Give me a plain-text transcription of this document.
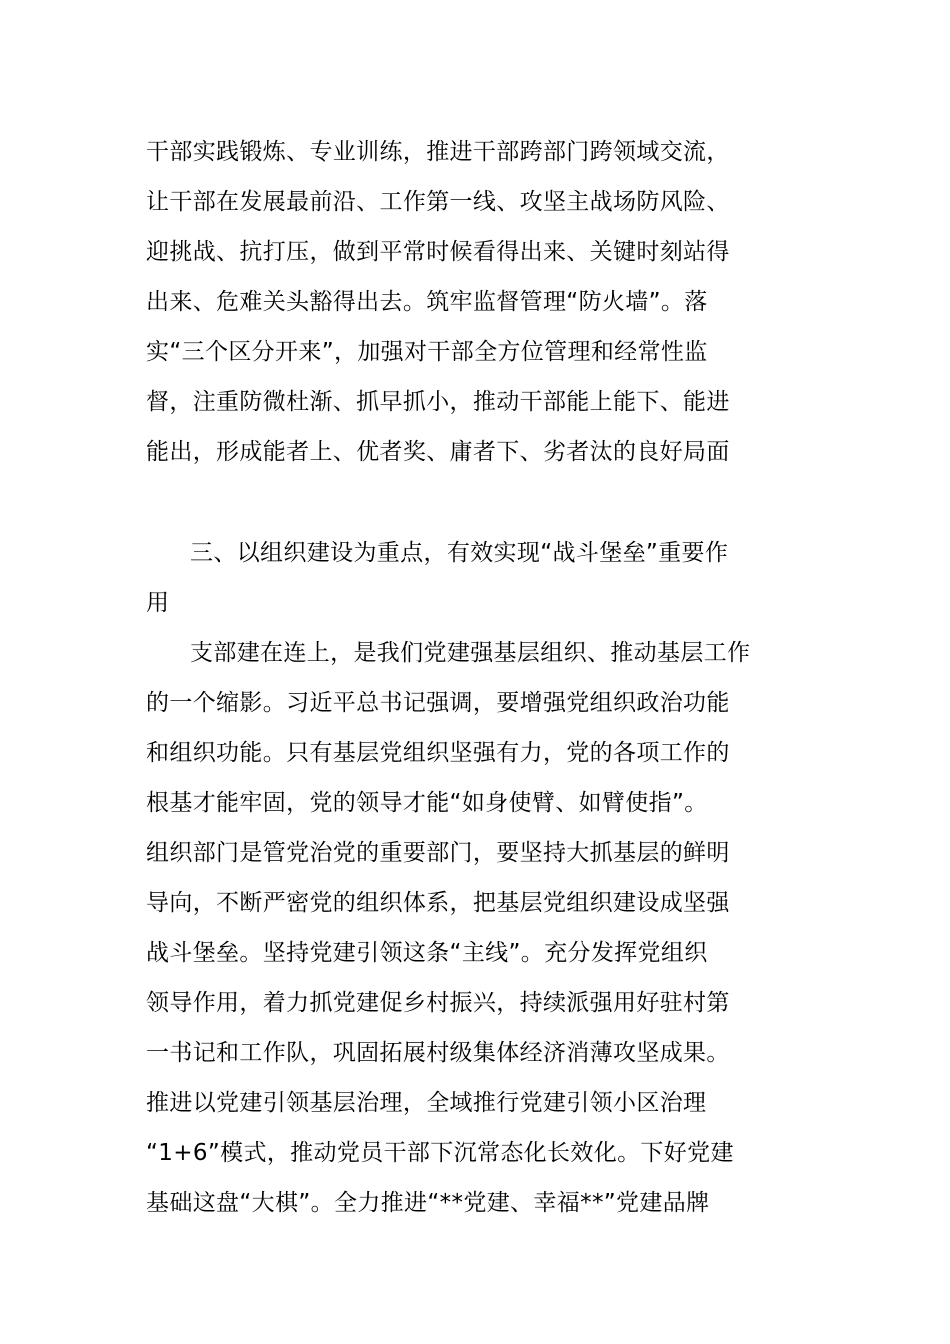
干部实践锻炼、专业训练，推进干部跨部门跨领域交流，
让干部在发展最前沿、工作第一线、攻坚主战场防风险、
迎挑战、抗打压，做到平常时候看得出来、关键时刻站得
出来、危难关头豁得出去。筑牢监督管理“防火墙”。落
实“三个区分开来”，加强对干部全方位管理和经常性监
督，注重防微杜渐、抓早抓小，推动干部能上能下、能进
能出，形成能者上、优者奖、庸者下、劣者汰的良好局面
三、以组织建设为重点，有效实现“战斗堡垒”重要作
用
支部建在连上，是我们党建强基层组织、推动基层工作
的一个缩影。习近平总书记强调，要增强党组织政治功能
和组织功能。只有基层党组织坚强有力，党的各项工作的
根基才能牢固，党的领导才能“如身使臂、如臂使指”。
组织部门是管党治党的重要部门，要坚持大抓基层的鲜明
导向，不断严密党的组织体系，把基层党组织建设成坚强
战斗堡垒。坚持党建引领这条“主线”。充分发挥党组织
领导作用，着力抓党建促乡村振兴，持续派强用好驻村第
一书记和工作队，巩固拓展村级集体经济消薄攻坚成果。
推进以党建引领基层治理，全域推行党建引领小区治理
“1+6”模式，推动党员干部下沉常态化长效化。下好党建
基础这盘“大棋”。全力推进“**党建、幸福**”党建品牌
